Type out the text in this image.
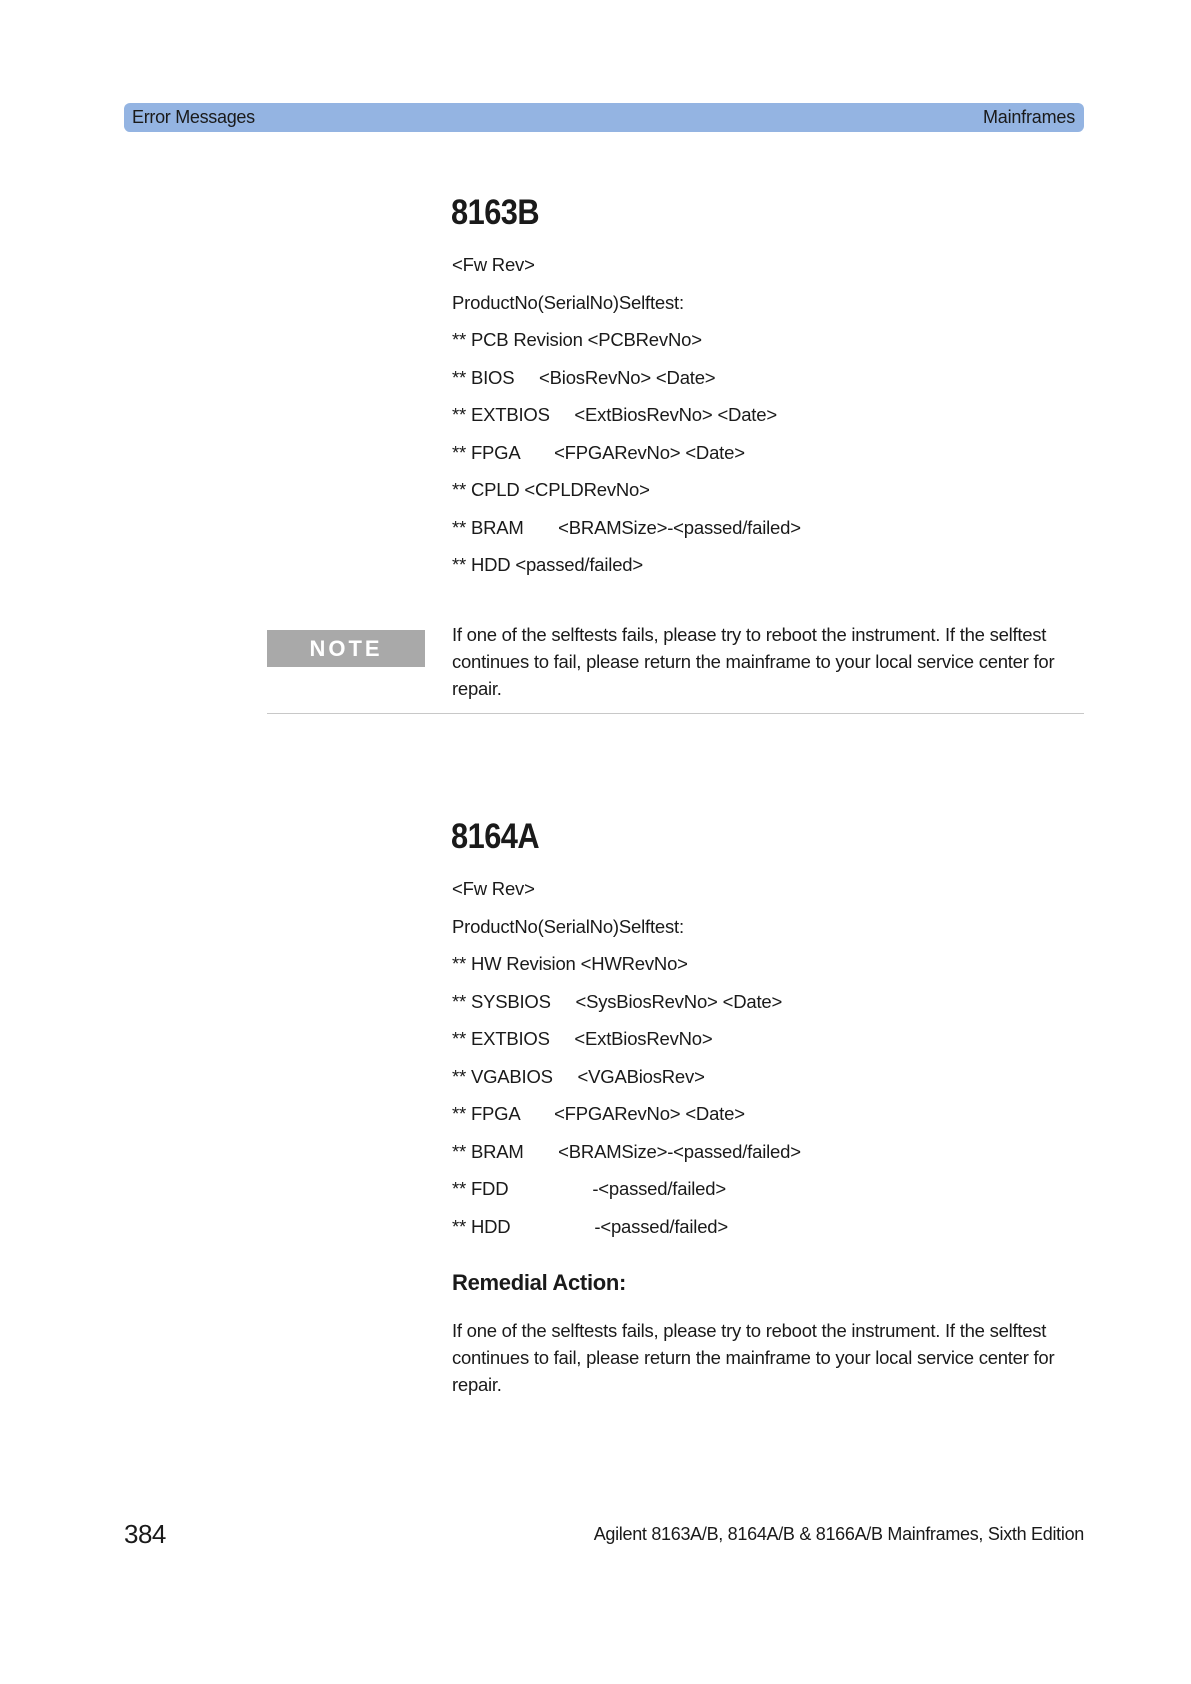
Error Messages	Mainframes
8163B
<Fw Rev>
ProductNo(SerialNo)Selftest:
** PCB Revision <PCBRevNo>
** BIOS     <BiosRevNo> <Date>
** EXTBIOS     <ExtBiosRevNo> <Date>
** FPGA       <FPGARevNo> <Date>
** CPLD <CPLDRevNo>
** BRAM       <BRAMSize>-<passed/failed>
** HDD <passed/failed>
NOTE

If one of the selftests fails, please try to reboot the instrument. If the selftest continues to fail, please return the mainframe to your local service center for repair.

8164A
<Fw Rev>
ProductNo(SerialNo)Selftest:
** HW Revision <HWRevNo>
** SYSBIOS     <SysBiosRevNo> <Date>
** EXTBIOS     <ExtBiosRevNo>
** VGABIOS     <VGABiosRev>
** FPGA       <FPGARevNo> <Date>
** BRAM       <BRAMSize>-<passed/failed>
** FDD                 -<passed/failed>
** HDD                 -<passed/failed>
Remedial Action:

If one of the selftests fails, please try to reboot the instrument. If the selftest continues to fail, please return the mainframe to your local service center for repair.

384	Agilent 8163A/B, 8164A/B & 8166A/B Mainframes, Sixth Edition
